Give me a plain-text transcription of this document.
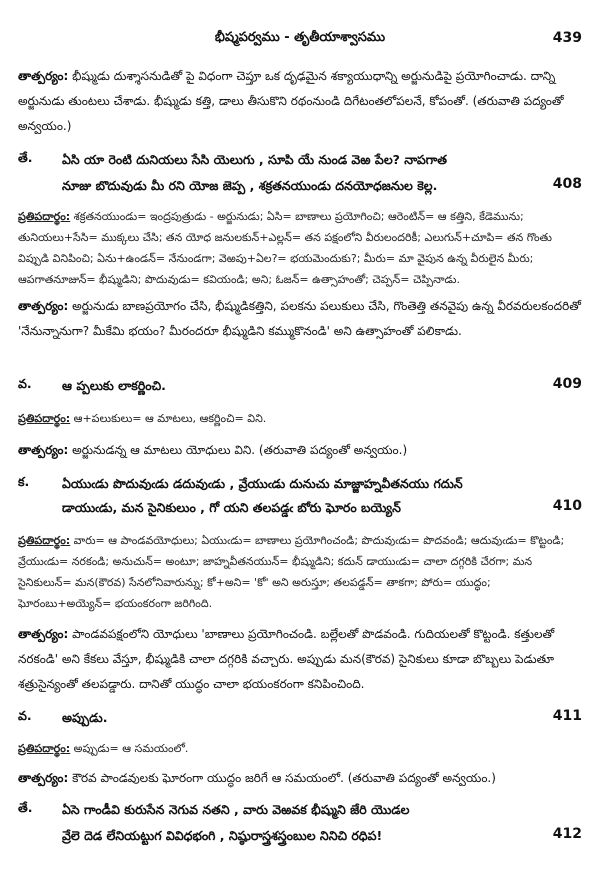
భీష్మపర్వము - తృతీయాశ్వాసము	439
తాత్పర్యం: భీష్ముడు దుశ్శాసనుడితో పై విధంగా చెప్తూ ఒక దృఢమైన శక్యాయుధాన్ని అర్జునుడిపై ప్రయోగించాడు. దాన్ని అర్జునుడు తుంటలు చేశాడు. భీష్ముడు కత్తి, డాలు తీసుకొని రథంనుండి దిగేటంతలోపలనే, కోపంతో. (తరువాతి పద్యంతో అన్వయం.)
తే. ఏసి యా రెంటి దునియలు సేసి యెలుగు , సూపి యే నుండ వెఱ పేల? నాపగాత
నూజు బొదువుడు మీ రని యోజ జెప్ప , శక్రతనయుండు దనయోధజనుల కెల్ల.	408
ప్రతిపదార్థం: శక్రతనయుండు= ఇంద్రపుత్రుడు - అర్జునుడు; ఏసి= బాణాలు ప్రయోగించి; ఆరెంటిన్= ఆ కత్తిని, కేడెమును; తునియలు+సేసి= ముక్కలు చేసి; తన యోధ జనులకున్+ఎల్లన్= తన పక్షంలోని వీరులందరికీ; ఎలుగున్+చూపి= తన గొంతు విప్పుడి వినిపించి; ఏను+ఉండన్= నేనుండగా; వెఱపు+ఏల?= భయమెందుకు?; మీరు= మా వైపున ఉన్న వీరులైన మీరు; ఆపగాతనూజున్= భీష్ముడిని; పొదువుడు= కవియండి; అని; ఓజన్= ఉత్సాహంతో; చెప్పన్= చెప్పినాడు.
తాత్పర్యం: అర్జునుడు బాణప్రయోగం చేసి, భీష్ముడికత్తిని, పలకను పలుకులు చేసి, గొంతెత్తి తనవైపు ఉన్న వీరవరులకందరితో 'నేనున్నానుగా? మీకేమి భయం? మీరందరూ భీష్ముడిని కమ్ముకొనండి' అని ఉత్సాహంతో పలికాడు.
వ. ఆ ప్పలుకు లాకర్ణించి.	409
ప్రతిపదార్థం: ఆ+పలుకులు= ఆ మాటలు, ఆకర్ణించి= విని.
తాత్పర్యం: అర్జునుడన్న ఆ మాటలు యోధులు విని. (తరువాతి పద్యంతో అన్వయం.)
క.	ఏయుఁడు పొదువుఁడు డదువుఁడు , వ్రేయుఁడు దునుచు మాజ్జాహ్నవీతనయు గదున్
డాయుఁడు, మన సైనికులుం , గో యని తలపడ్డఁ బోరు ఘోరం బయ్యెన్	410
ప్రతిపదార్థం: వారు= ఆ పాండవయోధులు; ఏయుఁడు= బాణాలు ప్రయోగించండి; పొదువుఁడు= పొదవండి; ఆదువుఁడు= కొట్టండి; వ్రేయుఁడు= నరకండి; అనుచున్= అంటూ; జాహ్నవీతనయున్= భీష్ముడిని; కదున్ డాయుఁడు= చాలా దగ్గరికి చేరగా; మన సైనికులున్= మన(కౌరవ) సేనలోనివారున్ను; కో+అని= 'కో' అని అరుస్తూ; తలపడ్డన్= తాకగా; పోరు= యుద్ధం; ఘోరంబు+అయ్యెన్= భయంకరంగా జరిగింది.
తాత్పర్యం: పాండవపక్షంలోని యోధులు 'బాణాలు ప్రయోగించండి. బల్లేలతో పొడవండి. గుదియలతో కొట్టండి. కత్తులతో నరకండి' అని కేకలు వేస్తూ, భీష్ముడికి చాలా దగ్గరికి వచ్చారు. అప్పుడు మన(కౌరవ) సైనికులు కూడా బొబ్బలు పెడుతూ శత్రుసైన్యంతో తలపడ్డారు. దానితో యుద్ధం చాలా భయంకరంగా కనిపించింది.
వ. అప్పుడు.	411
ప్రతిపదార్థం: అప్పుడు= ఆ సమయంలో.
తాత్పర్యం: కౌరవ పాండవులకు ఘోరంగా యుద్ధం జరిగే ఆ సమయంలో. (తరువాతి పద్యంతో అన్వయం.)
తే. ఏసె గాండీవి కురుసేన నెగువ నతని , వారు వెఱవక భీష్ముని జేరి యొడల
వ్రేలె దెడ లేనియట్టుగ వివిధభంగి , నిష్ఠురాస్త్రశస్త్రంబుల నినిచి రధిప!	412
